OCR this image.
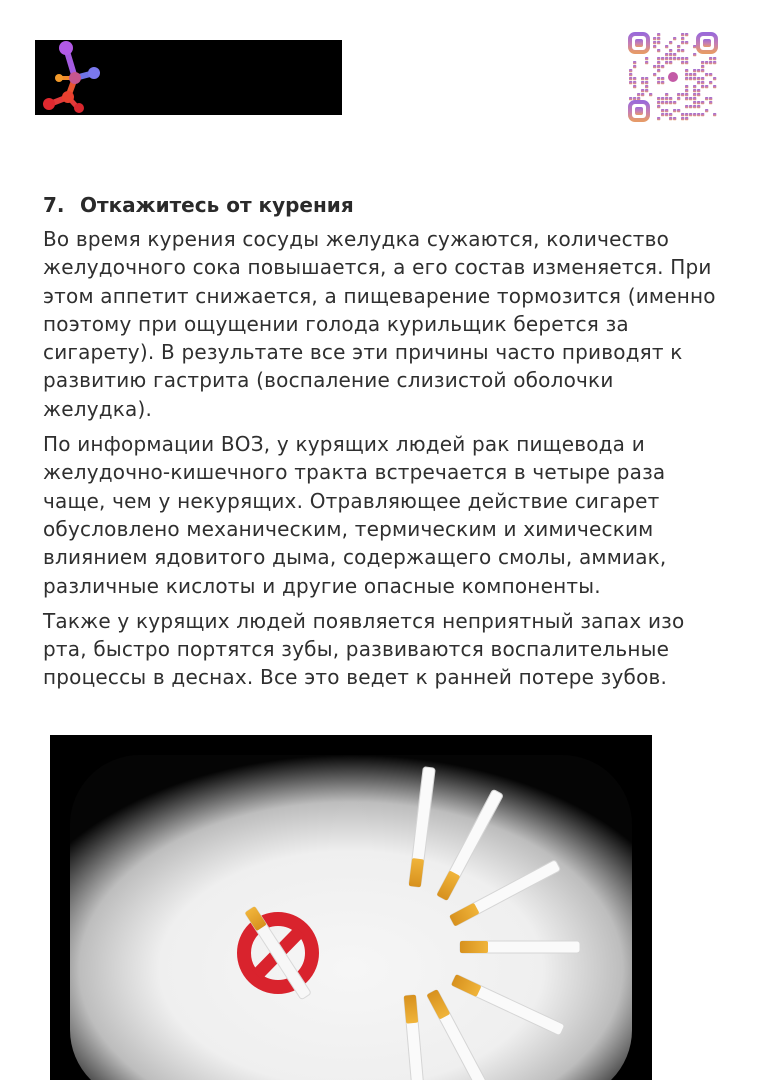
7. Откажитесь от курения

Во время курения сосуды желудка сужаются, количество желудочного сока повышается, а его состав изменяется. При этом аппетит снижается, а пищеварение тормозится (именно поэтому при ощущении голода курильщик берется за сигарету). В результате все эти причины часто приводят к развитию гастрита (воспаление слизистой оболочки желудка).

По информации ВОЗ, у курящих людей рак пищевода и желудочно-кишечного тракта встречается в четыре раза чаще, чем у некурящих. Отравляющее действие сигарет обусловлено механическим, термическим и химическим влиянием ядовитого дыма, содержащего смолы, аммиак, различные кислоты и другие опасные компоненты.

Также у курящих людей появляется неприятный запах изо рта, быстро портятся зубы, развиваются воспалительные процессы в деснах. Все это ведет к ранней потере зубов.
